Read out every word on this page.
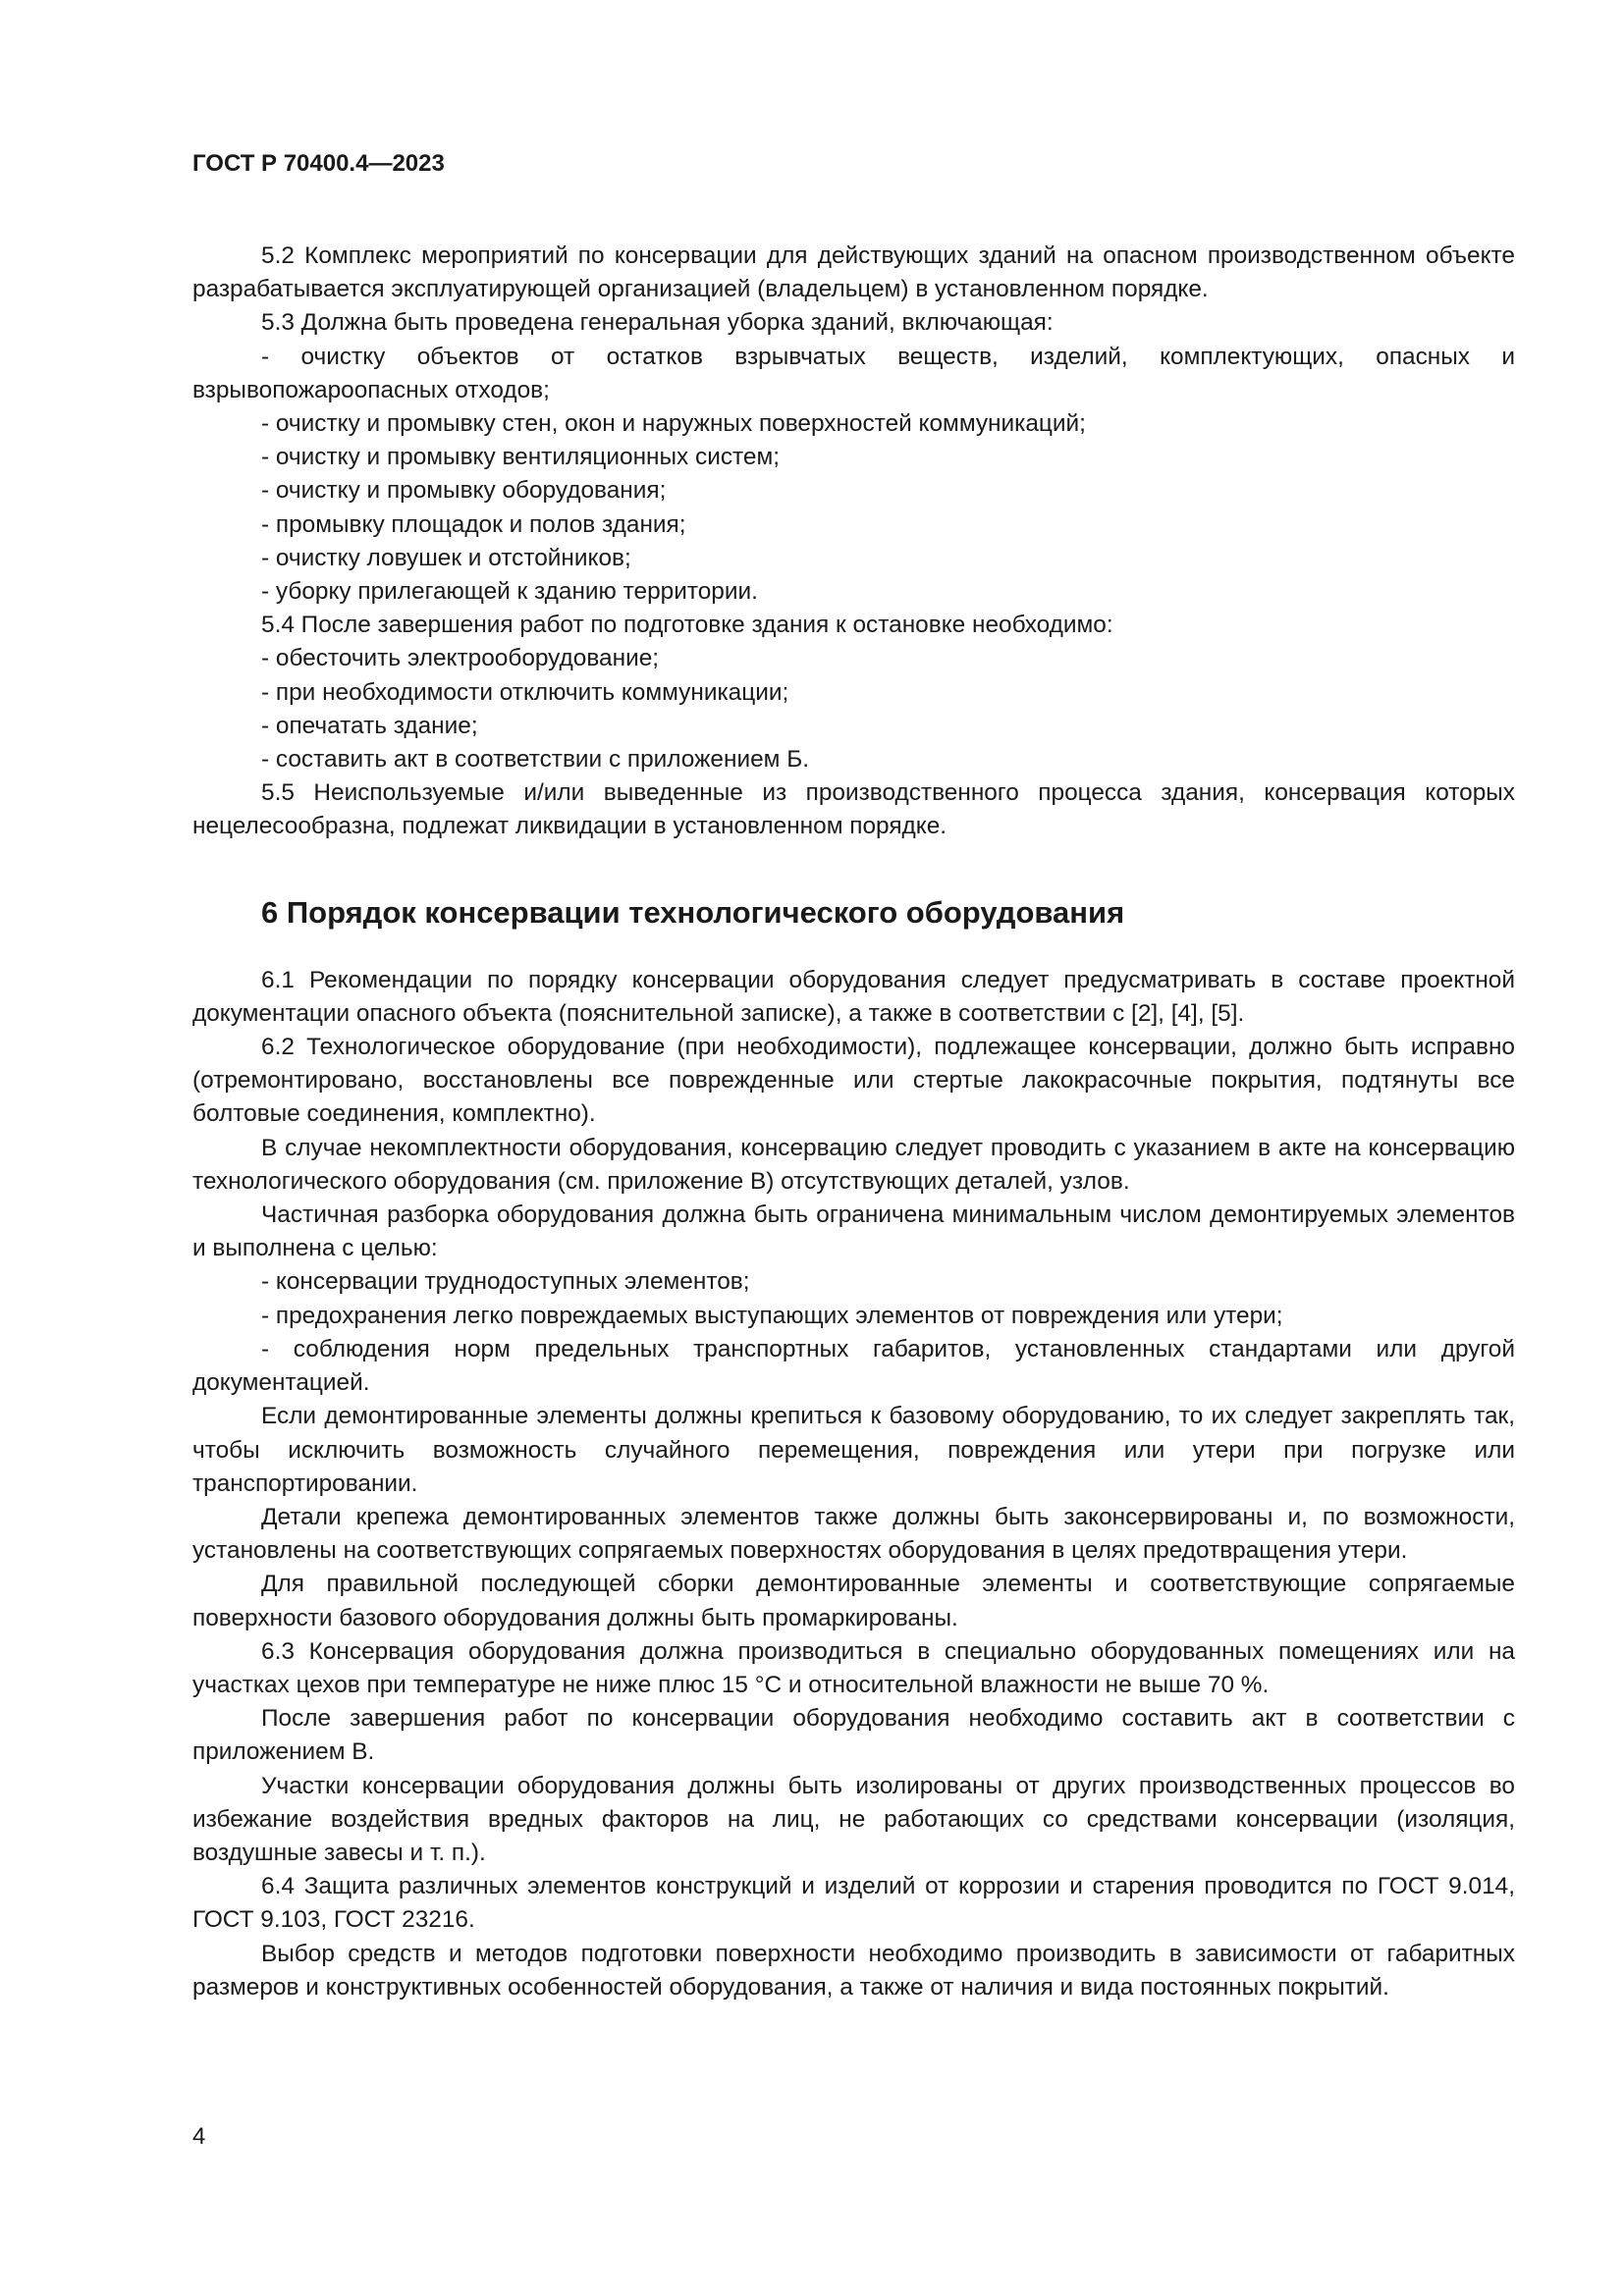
ГОСТ Р 70400.4—2023

5.2 Комплекс мероприятий по консервации для действующих зданий на опасном производственном объекте разрабатывается эксплуатирующей организацией (владельцем) в установленном порядке.

5.3 Должна быть проведена генеральная уборка зданий, включающая:

- очистку объектов от остатков взрывчатых веществ, изделий, комплектующих, опасных и взрывопожароопасных отходов;

- очистку и промывку стен, окон и наружных поверхностей коммуникаций;

- очистку и промывку вентиляционных систем;

- очистку и промывку оборудования;

- промывку площадок и полов здания;

- очистку ловушек и отстойников;

- уборку прилегающей к зданию территории.

5.4 После завершения работ по подготовке здания к остановке необходимо:

- обесточить электрооборудование;

- при необходимости отключить коммуникации;

- опечатать здание;

- составить акт в соответствии с приложением Б.

5.5 Неиспользуемые и/или выведенные из производственного процесса здания, консервация которых нецелесообразна, подлежат ликвидации в установленном порядке.

6 Порядок консервации технологического оборудования

6.1 Рекомендации по порядку консервации оборудования следует предусматривать в составе проектной документации опасного объекта (пояснительной записке), а также в соответствии с [2], [4], [5].

6.2 Технологическое оборудование (при необходимости), подлежащее консервации, должно быть исправно (отремонтировано, восстановлены все поврежденные или стертые лакокрасочные покрытия, подтянуты все болтовые соединения, комплектно).

В случае некомплектности оборудования, консервацию следует проводить с указанием в акте на консервацию технологического оборудования (см. приложение В) отсутствующих деталей, узлов.

Частичная разборка оборудования должна быть ограничена минимальным числом демонтируемых элементов и выполнена с целью:

- консервации труднодоступных элементов;

- предохранения легко повреждаемых выступающих элементов от повреждения или утери;

- соблюдения норм предельных транспортных габаритов, установленных стандартами или другой документацией.

Если демонтированные элементы должны крепиться к базовому оборудованию, то их следует закреплять так, чтобы исключить возможность случайного перемещения, повреждения или утери при погрузке или транспортировании.

Детали крепежа демонтированных элементов также должны быть законсервированы и, по возможности, установлены на соответствующих сопрягаемых поверхностях оборудования в целях предотвращения утери.

Для правильной последующей сборки демонтированные элементы и соответствующие сопрягаемые поверхности базового оборудования должны быть промаркированы.

6.3 Консервация оборудования должна производиться в специально оборудованных помещениях или на участках цехов при температуре не ниже плюс 15 °С и относительной влажности не выше 70 %.

После завершения работ по консервации оборудования необходимо составить акт в соответствии с приложением В.

Участки консервации оборудования должны быть изолированы от других производственных процессов во избежание воздействия вредных факторов на лиц, не работающих со средствами консервации (изоляция, воздушные завесы и т. п.).

6.4 Защита различных элементов конструкций и изделий от коррозии и старения проводится по ГОСТ 9.014, ГОСТ 9.103, ГОСТ 23216.

Выбор средств и методов подготовки поверхности необходимо производить в зависимости от габаритных размеров и конструктивных особенностей оборудования, а также от наличия и вида постоянных покрытий.

4
